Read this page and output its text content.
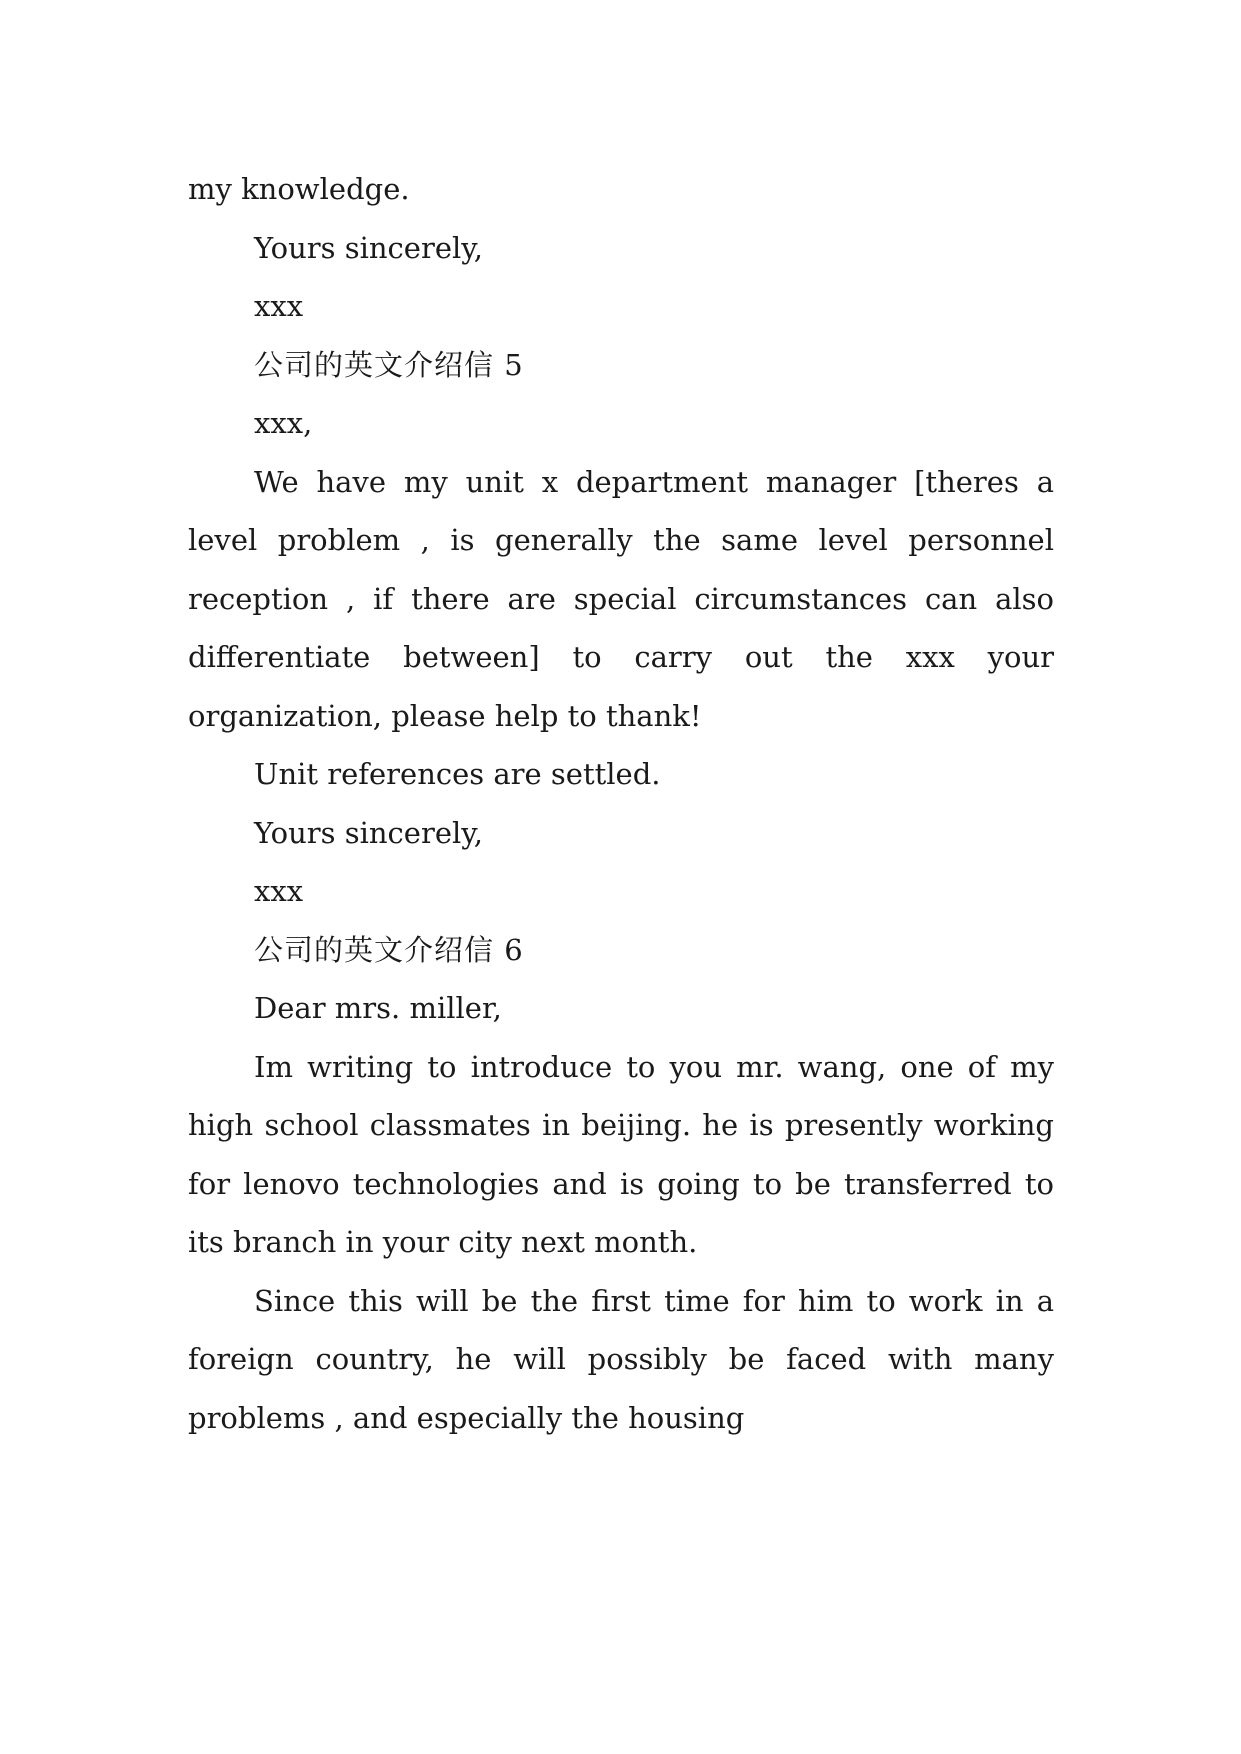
my knowledge.

Yours sincerely,

xxx

公司的英文介绍信 5

xxx,

We have my unit x department manager [theres a level problem , is generally the same level personnel reception , if there are special circumstances can also differentiate between] to carry out the xxx your organization, please help to thank!

Unit references are settled.

Yours sincerely,

xxx

公司的英文介绍信 6

Dear mrs. miller,

Im writing to introduce to you mr. wang, one of my high school classmates in beijing. he is presently working for lenovo technologies and is going to be transferred to its branch in your city next month.

Since this will be the first time for him to work in a foreign country, he will possibly be faced with many problems , and especially the housing
